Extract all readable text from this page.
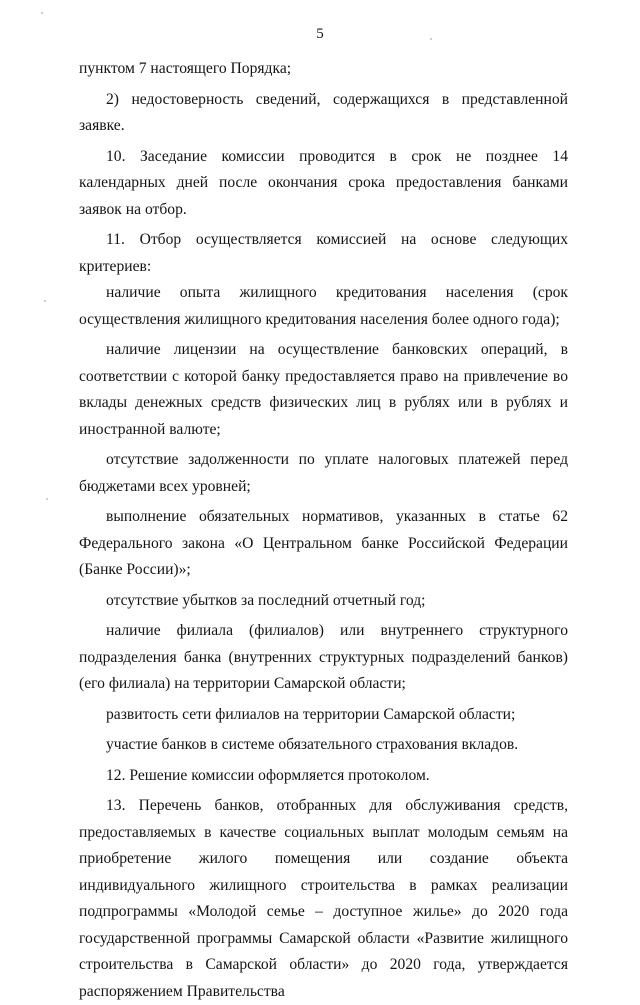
5

пунктом 7 настоящего Порядка;

2) недостоверность сведений, содержащихся в представленной заявке.

10. Заседание комиссии проводится в срок не позднее 14 календарных дней после окончания срока предоставления банками заявок на отбор.

11. Отбор осуществляется комиссией на основе следующих критериев:

наличие опыта жилищного кредитования населения (срок осуществления жилищного кредитования населения более одного года);

наличие лицензии на осуществление банковских операций, в соответствии с которой банку предоставляется право на привлечение во вклады денежных средств физических лиц в рублях или в рублях и иностранной валюте;

отсутствие задолженности по уплате налоговых платежей перед бюджетами всех уровней;

выполнение обязательных нормативов, указанных в статье 62 Федерального закона «О Центральном банке Российской Федерации (Банке России)»;

отсутствие убытков за последний отчетный год;

наличие филиала (филиалов) или внутреннего структурного подразделения банка (внутренних структурных подразделений банков) (его филиала) на территории Самарской области;

развитость сети филиалов на территории Самарской области;

участие банков в системе обязательного страхования вкладов.

12. Решение комиссии оформляется протоколом.

13. Перечень банков, отобранных для обслуживания средств, предоставляемых в качестве социальных выплат молодым семьям на приобретение жилого помещения или создание объекта индивидуального жилищного строительства в рамках реализации подпрограммы «Молодой семье – доступное жилье» до 2020 года государственной программы Самарской области «Развитие жилищного строительства в Самарской области» до 2020 года, утверждается распоряжением Правительства
